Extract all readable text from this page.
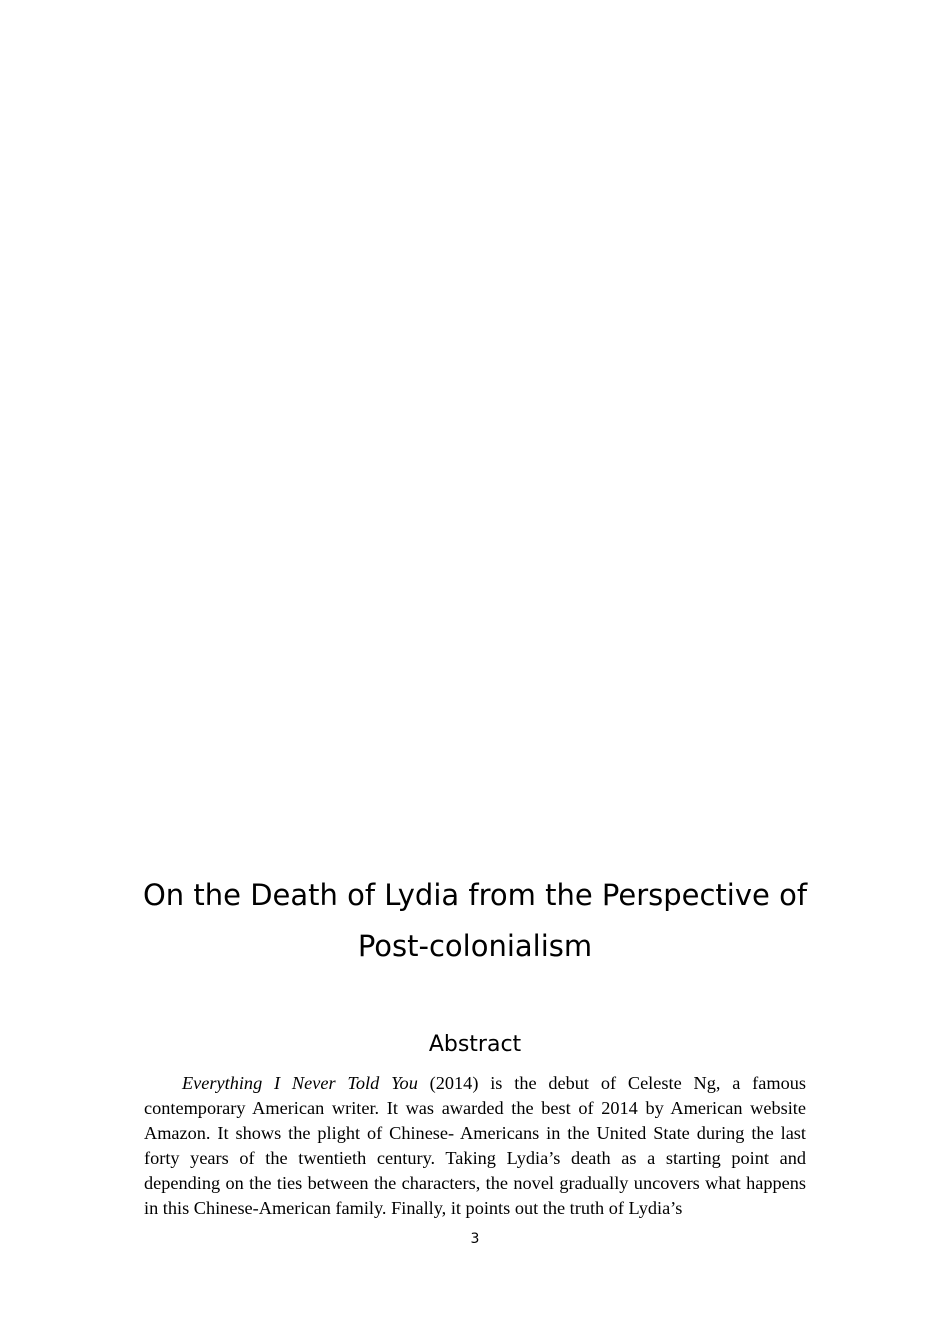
On the Death of Lydia from the Perspective of
Post-colonialism
Abstract

Everything I Never Told You (2014) is the debut of Celeste Ng, a famous contemporary American writer. It was awarded the best of 2014 by American website Amazon. It shows the plight of Chinese- Americans in the United State during the last forty years of the twentieth century. Taking Lydia’s death as a starting point and depending on the ties between the characters, the novel gradually uncovers what happens in this Chinese-American family. Finally, it points out the truth of Lydia’s

3
